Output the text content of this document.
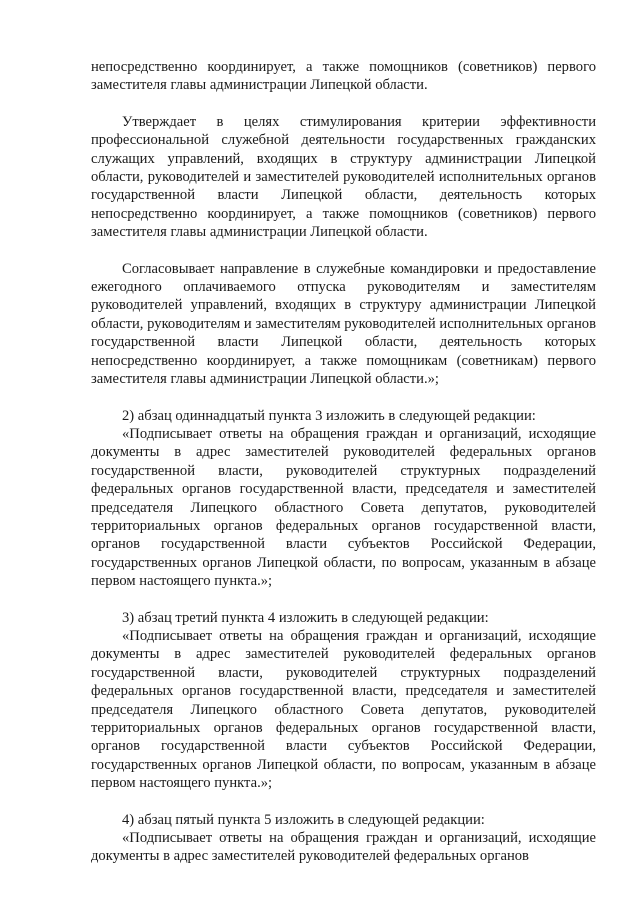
непосредственно координирует, а также помощников (советников) первого заместителя главы администрации Липецкой области.

Утверждает в целях стимулирования критерии эффективности профессиональной служебной деятельности государственных гражданских служащих управлений, входящих в структуру администрации Липецкой области, руководителей и заместителей руководителей исполнительных органов государственной власти Липецкой области, деятельность которых непосредственно координирует, а также помощников (советников) первого заместителя главы администрации Липецкой области.

Согласовывает направление в служебные командировки и предоставление ежегодного оплачиваемого отпуска руководителям и заместителям руководителей управлений, входящих в структуру администрации Липецкой области, руководителям и заместителям руководителей исполнительных органов государственной власти Липецкой области, деятельность которых непосредственно координирует, а также помощникам (советникам) первого заместителя главы администрации Липецкой области.»;

2) абзац одиннадцатый пункта 3 изложить в следующей редакции:

«Подписывает ответы на обращения граждан и организаций, исходящие документы в адрес заместителей руководителей федеральных органов государственной власти, руководителей структурных подразделений федеральных органов государственной власти, председателя и заместителей председателя Липецкого областного Совета депутатов, руководителей территориальных органов федеральных органов государственной власти, органов государственной власти субъектов Российской Федерации, государственных органов Липецкой области, по вопросам, указанным в абзаце первом настоящего пункта.»;

3) абзац третий пункта 4 изложить в следующей редакции:

«Подписывает ответы на обращения граждан и организаций, исходящие документы в адрес заместителей руководителей федеральных органов государственной власти, руководителей структурных подразделений федеральных органов государственной власти, председателя и заместителей председателя Липецкого областного Совета депутатов, руководителей территориальных органов федеральных органов государственной власти, органов государственной власти субъектов Российской Федерации, государственных органов Липецкой области, по вопросам, указанным в абзаце первом настоящего пункта.»;

4) абзац пятый пункта 5 изложить в следующей редакции:

«Подписывает ответы на обращения граждан и организаций, исходящие документы в адрес заместителей руководителей федеральных органов
